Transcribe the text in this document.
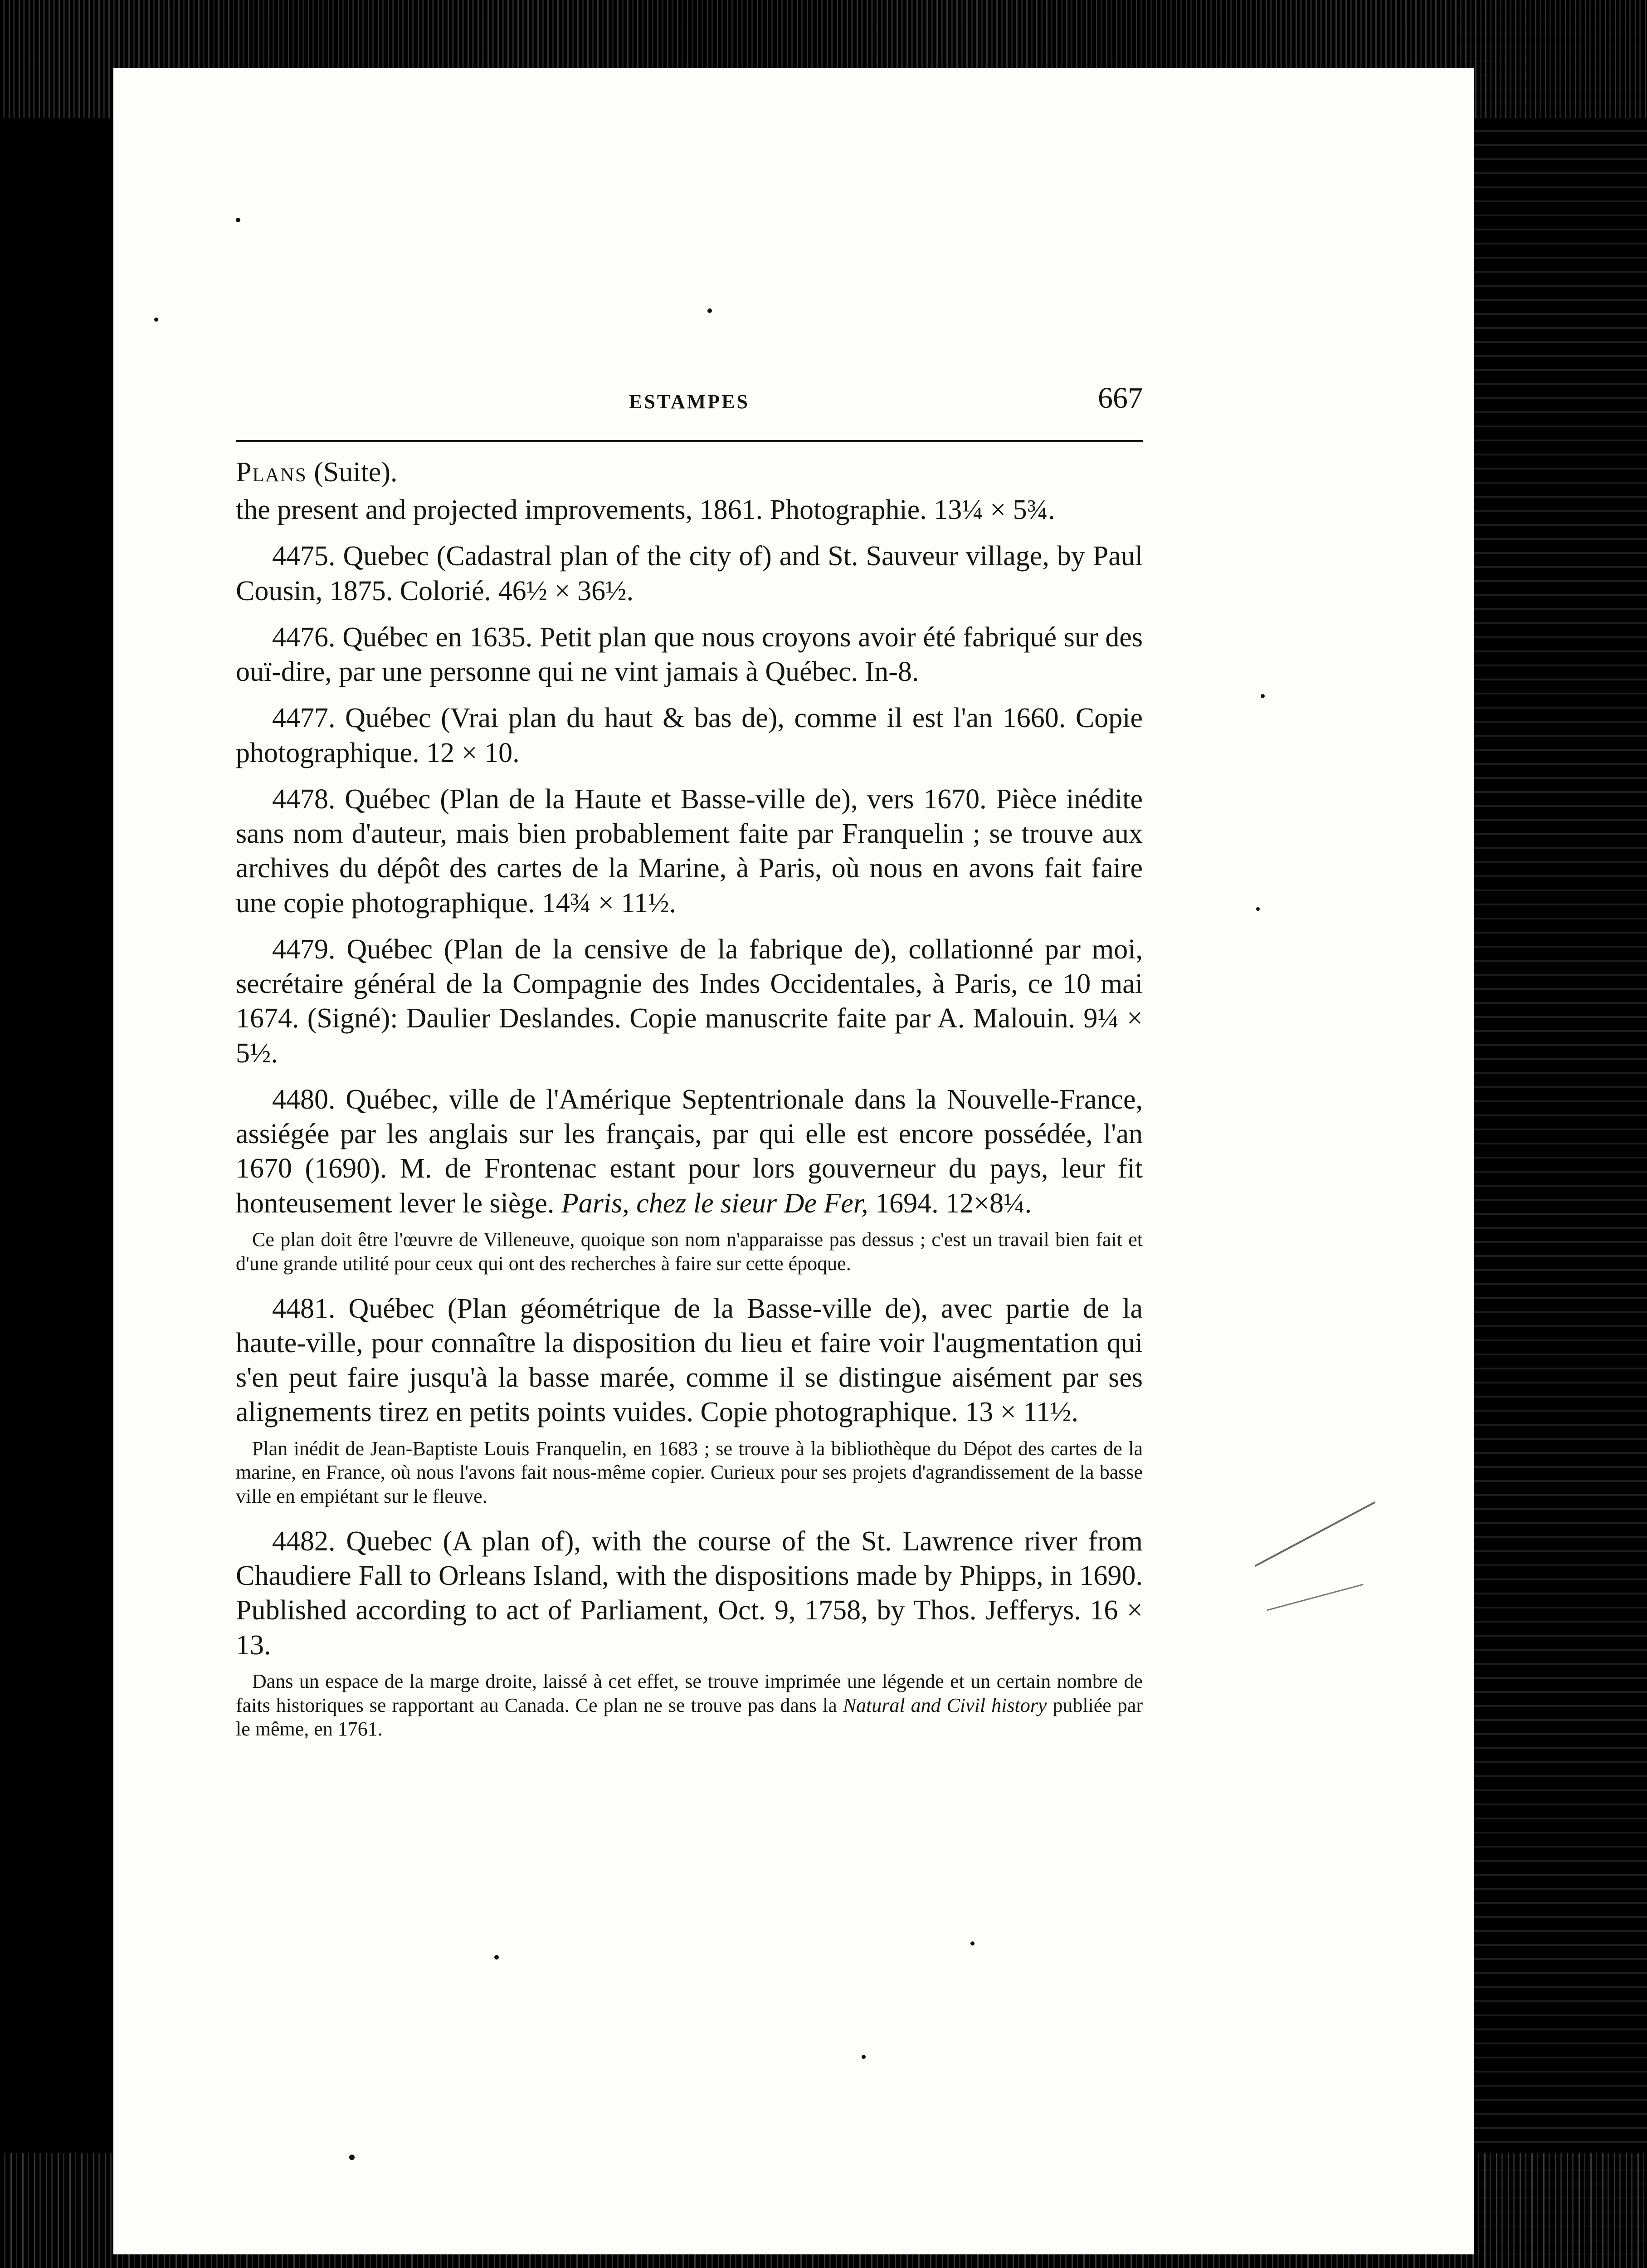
ESTAMPES	667
Plans (Suite).

the present and projected improvements, 1861. Photographie. 13¼ × 5¾.

4475. Quebec (Cadastral plan of the city of) and St. Sauveur village, by Paul Cousin, 1875. Colorié. 46½ × 36½.

4476. Québec en 1635. Petit plan que nous croyons avoir été fabriqué sur des ouï-dire, par une personne qui ne vint jamais à Québec. In-8.

4477. Québec (Vrai plan du haut & bas de), comme il est l'an 1660. Copie photographique. 12 × 10.

4478. Québec (Plan de la Haute et Basse-ville de), vers 1670. Pièce inédite sans nom d'auteur, mais bien probablement faite par Franquelin ; se trouve aux archives du dépôt des cartes de la Marine, à Paris, où nous en avons fait faire une copie photographique. 14¾ × 11½.

4479. Québec (Plan de la censive de la fabrique de), collationné par moi, secrétaire général de la Compagnie des Indes Occidentales, à Paris, ce 10 mai 1674. (Signé): Daulier Deslandes. Copie manuscrite faite par A. Malouin. 9¼ × 5½.

4480. Québec, ville de l'Amérique Septentrionale dans la Nouvelle-France, assiégée par les anglais sur les français, par qui elle est encore possédée, l'an 1670 (1690). M. de Frontenac estant pour lors gouverneur du pays, leur fit honteusement lever le siège. Paris, chez le sieur De Fer, 1694. 12×8¼.

Ce plan doit être l'œuvre de Villeneuve, quoique son nom n'apparaisse pas dessus ; c'est un travail bien fait et d'une grande utilité pour ceux qui ont des recherches à faire sur cette époque.

4481. Québec (Plan géométrique de la Basse-ville de), avec partie de la haute-ville, pour connaître la disposition du lieu et faire voir l'augmentation qui s'en peut faire jusqu'à la basse marée, comme il se distingue aisément par ses alignements tirez en petits points vuides. Copie photographique. 13 × 11½.

Plan inédit de Jean-Baptiste Louis Franquelin, en 1683 ; se trouve à la bibliothèque du Dépot des cartes de la marine, en France, où nous l'avons fait nous-même copier. Curieux pour ses projets d'agrandissement de la basse ville en empiétant sur le fleuve.

4482. Quebec (A plan of), with the course of the St. Lawrence river from Chaudiere Fall to Orleans Island, with the dispositions made by Phipps, in 1690. Published according to act of Parliament, Oct. 9, 1758, by Thos. Jefferys. 16 × 13.

Dans un espace de la marge droite, laissé à cet effet, se trouve imprimée une légende et un certain nombre de faits historiques se rapportant au Canada. Ce plan ne se trouve pas dans la Natural and Civil history publiée par le même, en 1761.
